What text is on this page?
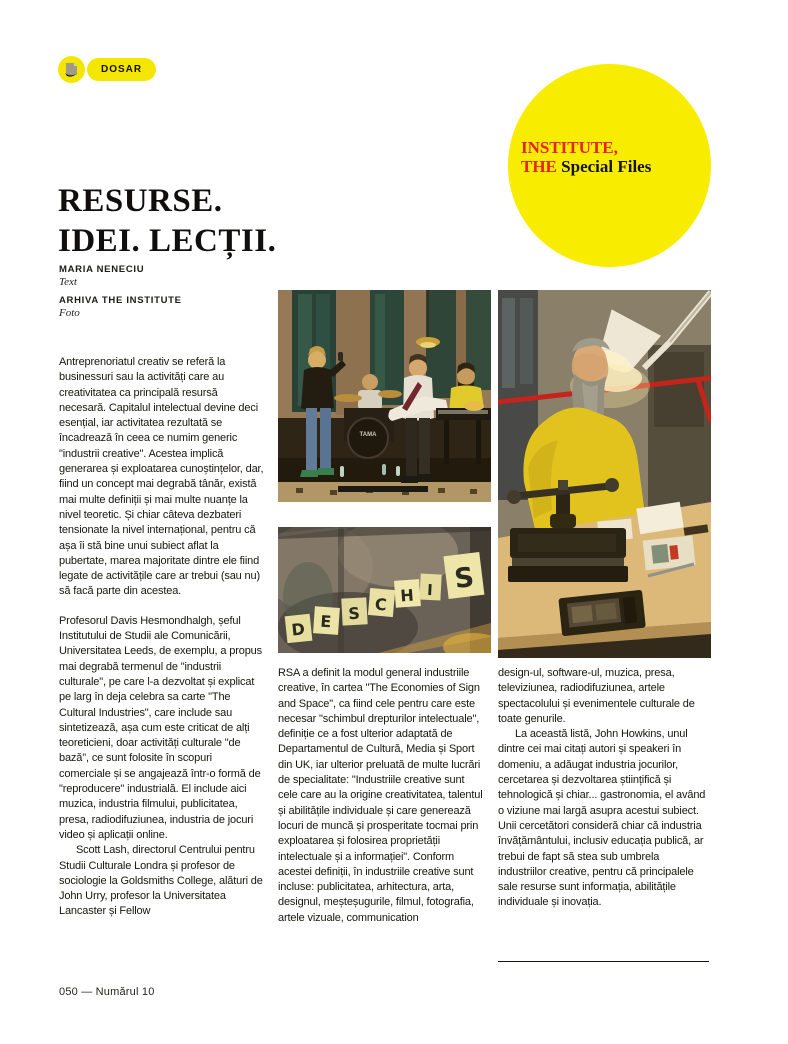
DOSAR
INSTITUTE,
THE Special Files
RESURSE.
IDEI. LECȚII.
MARIA NENECIU
Text
ARHIVA THE INSTITUTE
Foto

Antreprenoriatul creativ se referă la businessuri sau la activități care au creativitatea ca principală resursă necesară. Capitalul intelectual devine deci esențial, iar activitatea rezultată se încadrează în ceea ce numim generic "industrii creative". Acestea implică generarea și exploatarea cunoștințelor, dar, fiind un concept mai degrabă tânăr, există mai multe definiții și mai multe nuanțe la nivel teoretic. Și chiar câteva dezbateri tensionate la nivel internațional, pentru că așa îi stă bine unui subiect aflat la pubertate, marea majoritate dintre ele fiind legate de activitățile care ar trebui (sau nu) să facă parte din acestea.

Profesorul Davis Hesmondhalgh, șeful Institutului de Studii ale Comunicării, Universitatea Leeds, de exemplu, a propus mai degrabă termenul de "industrii culturale", pe care l-a dezvoltat și explicat pe larg în deja celebra sa carte "The Cultural Industries", care include sau sintetizează, așa cum este criticat de alți teoreticieni, doar activități culturale "de bază", ce sunt folosite în scopuri comerciale și se angajează într-o formă de "reproducere" industrială. El include aici muzica, industria filmului, publicitatea, presa, radiodifuziunea, industria de jocuri video și aplicații online.

Scott Lash, directorul Centrului pentru Studii Culturale Londra și profesor de sociologie la Goldsmiths College, alături de John Urry, profesor la Universitatea Lancaster și Fellow

TAMA
D E S C H I S

RSA a definit la modul general industriile creative, în cartea "The Economies of Sign and Space", ca fiind cele pentru care este necesar "schimbul drepturilor intelectuale", definiție ce a fost ulterior adaptată de Departamentul de Cultură, Media și Sport din UK, iar ulterior preluată de multe lucrări de specialitate: "Industriile creative sunt cele care au la origine creativitatea, talentul și abilitățile individuale și care generează locuri de muncă și prosperitate tocmai prin exploatarea și folosirea proprietății intelectuale și a informației". Conform acestei definiții, în industriile creative sunt incluse: publicitatea, arhitectura, arta, designul, meșteșugurile, filmul, fotografia, artele vizuale, communication

design-ul, software-ul, muzica, presa, televiziunea, radiodifuziunea, artele spectacolului și evenimentele culturale de toate genurile.

La această listă, John Howkins, unul dintre cei mai citați autori și speakeri în domeniu, a adăugat industria jocurilor, cercetarea și dezvoltarea științifică și tehnologică și chiar... gastronomia, el având o viziune mai largă asupra acestui subiect. Unii cercetători consideră chiar că industria învățământului, inclusiv educația publică, ar trebui de fapt să stea sub umbrela industriilor creative, pentru că principalele sale resurse sunt informația, abilitățile individuale și inovația.

050 — Numărul 10
